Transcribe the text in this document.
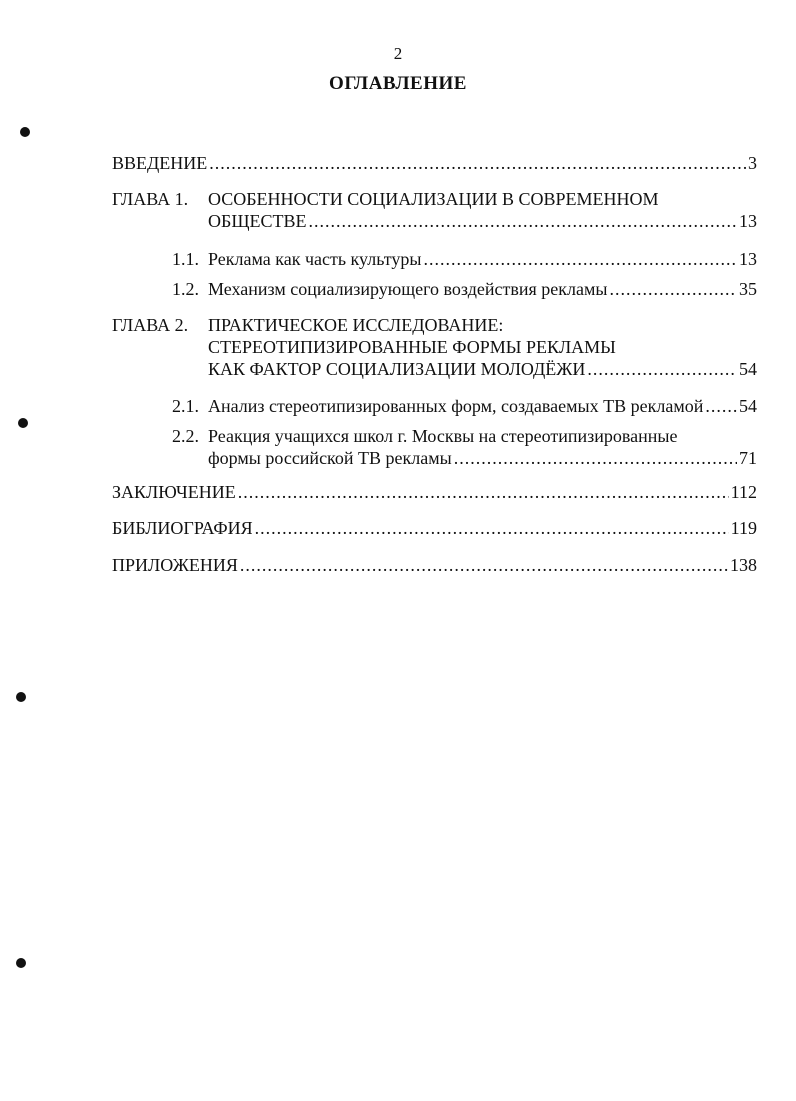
2
ОГЛАВЛЕНИЕ
ВВЕДЕНИЕ .....	3
ГЛАВА 1.	ОСОБЕННОСТИ СОЦИАЛИЗАЦИИ В СОВРЕМЕННОМ
ОБЩЕСТВЕ .....	13
1.1. Реклама как часть культуры .....	13
1.2. Механизм социализирующего воздействия рекламы .....	35
ГЛАВА 2.	ПРАКТИЧЕСКОЕ ИССЛЕДОВАНИЕ:
СТЕРЕОТИПИЗИРОВАННЫЕ ФОРМЫ РЕКЛАМЫ
КАК ФАКТОР СОЦИАЛИЗАЦИИ МОЛОДЁЖИ .....	54
2.1. Анализ стереотипизированных форм, создаваемых ТВ рекламой ..... 54
2.2. Реакция учащихся школ г. Москвы на стереотипизированные
формы российской ТВ рекламы .....	71
ЗАКЛЮЧЕНИЕ .....	112
БИБЛИОГРАФИЯ .....	119
ПРИЛОЖЕНИЯ .....	138
